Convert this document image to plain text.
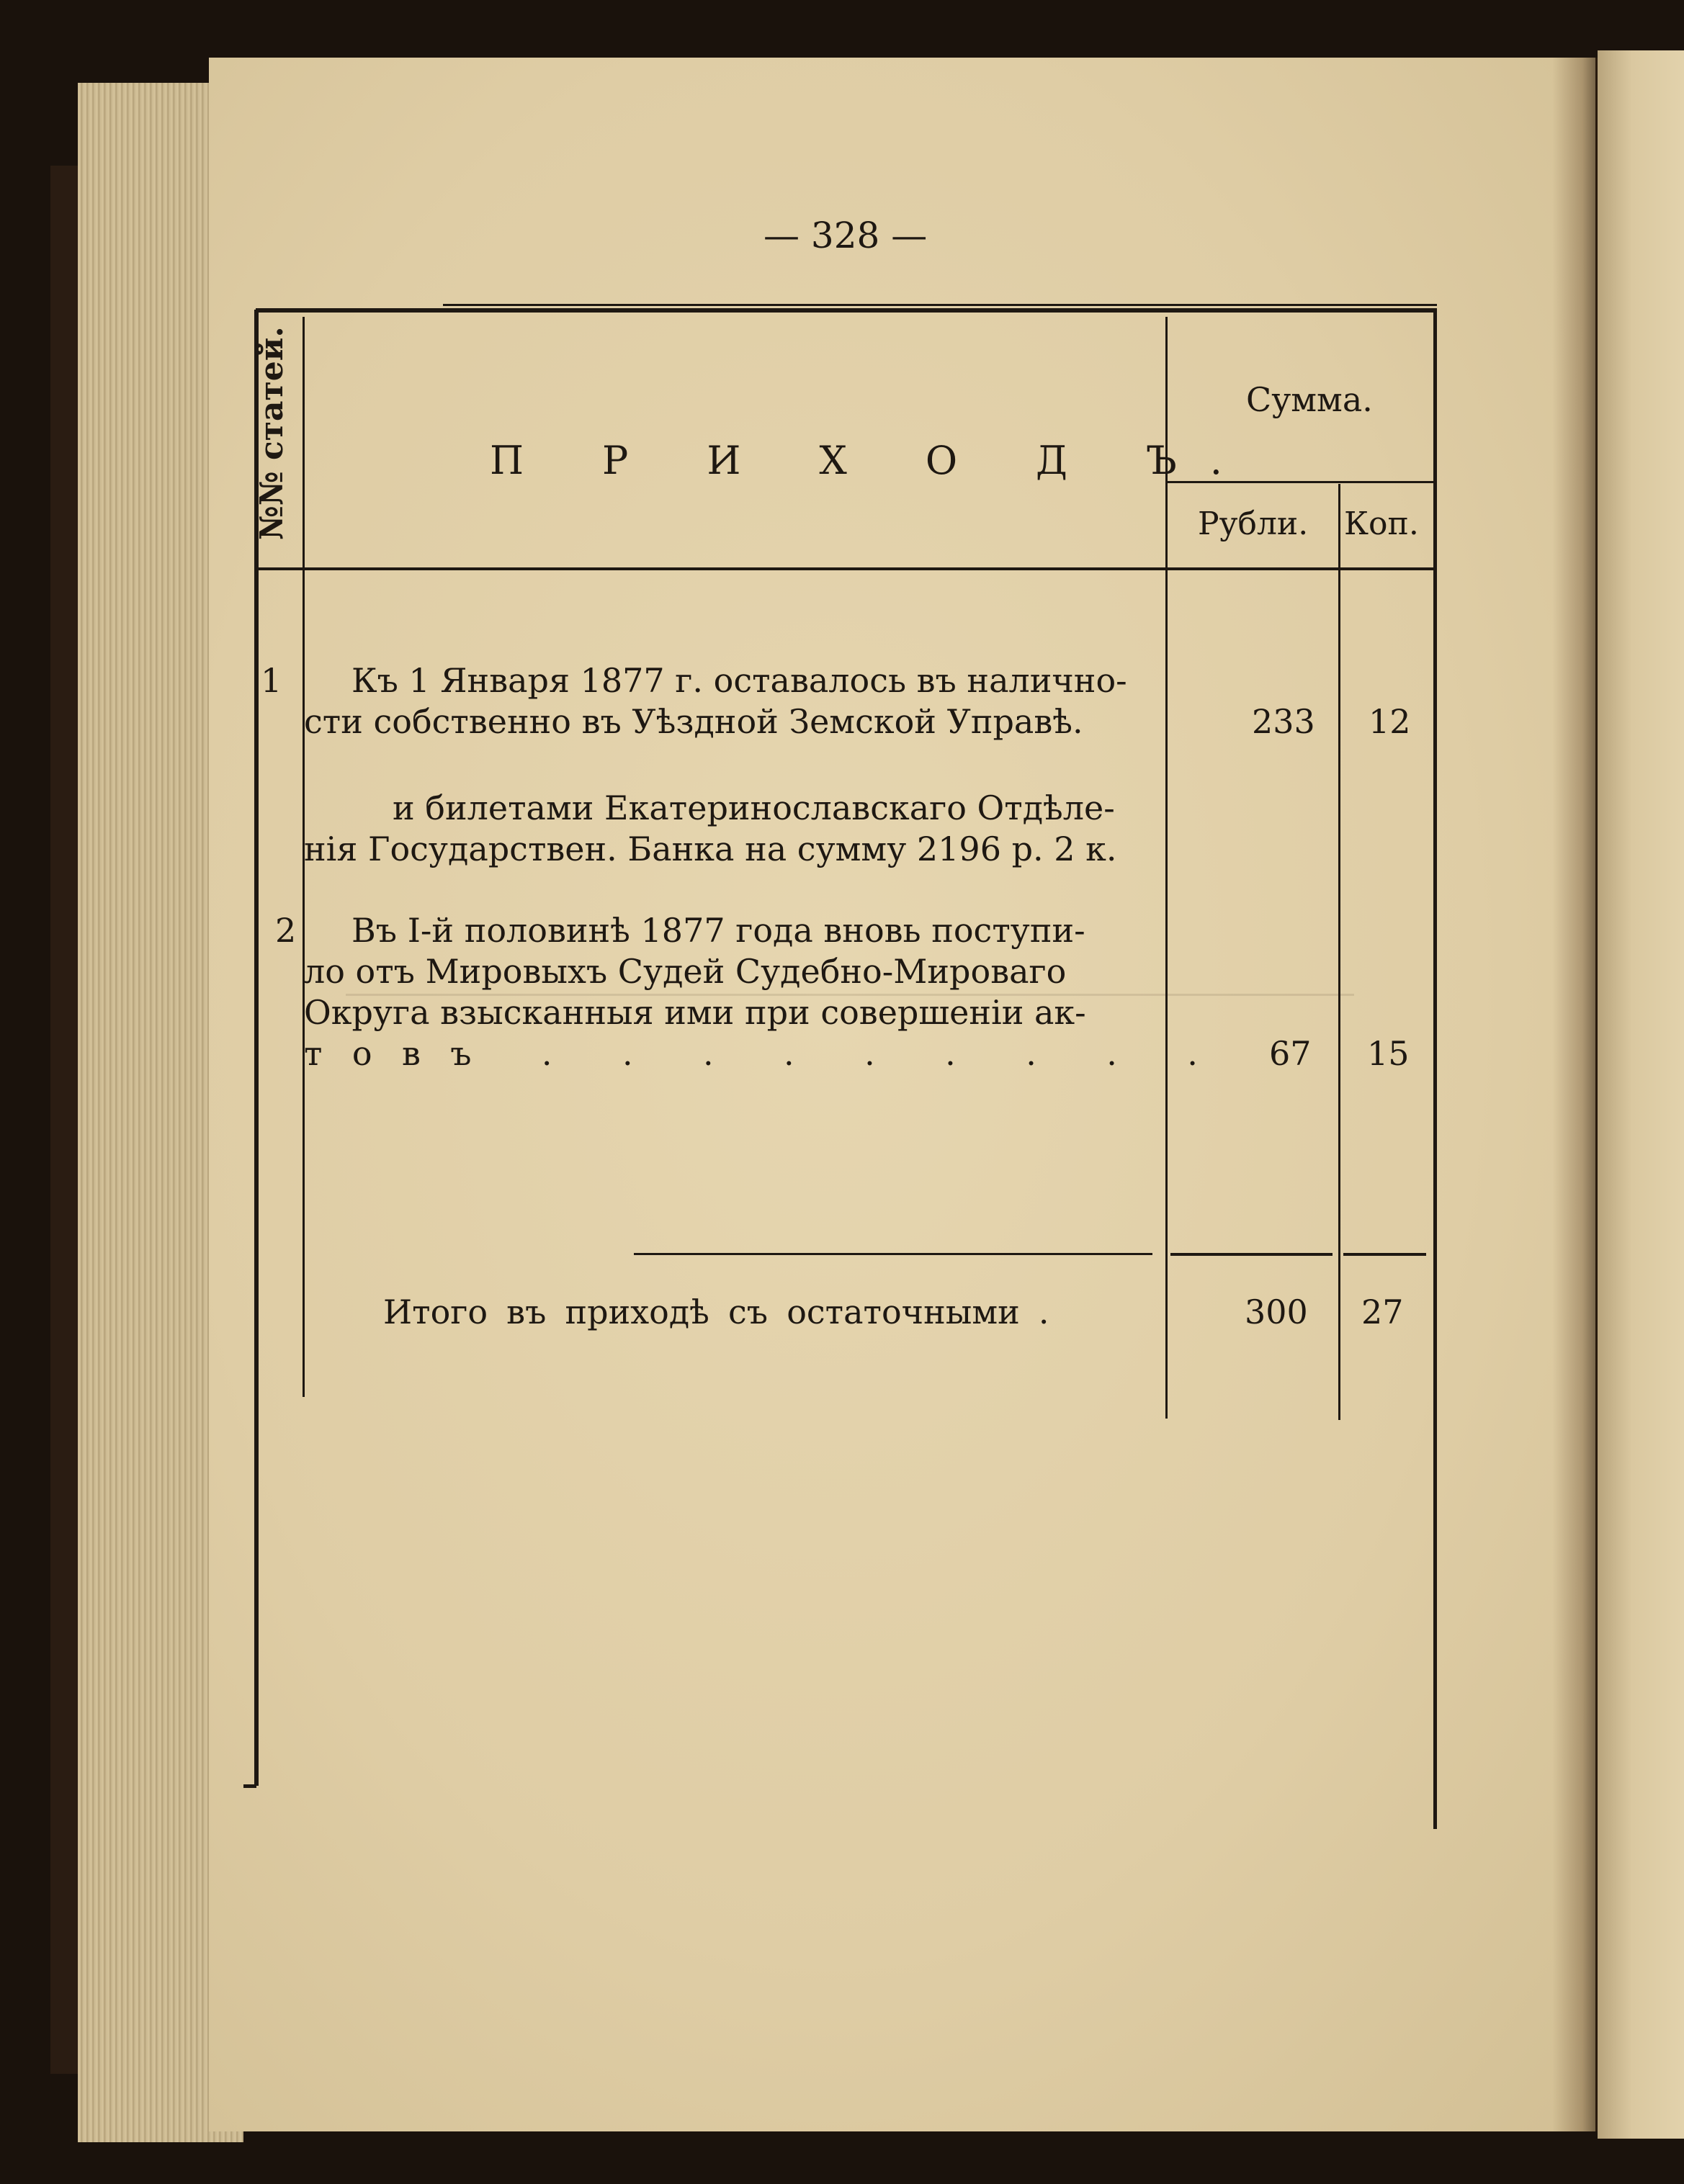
— 328 —
№№ статей.	П Р И Х О Д Ъ.
Сумма.
Рубли. Коп.
1 Къ 1 Января 1877 г. оставалось въ налично-
сти собственно въ Уѣздной Земской Управѣ.	233 12
и билетами Екатеринославскаго Отдѣле-
нія Государствен. Банка на сумму 2196 р. 2 к.
2 Въ І-й половинѣ 1877 года вновь поступи-
ло отъ Мировыхъ Судей Судебно-Мироваго
Округа взысканныя ими при совершеніи ак-
товъ . . . . . . . . . 67 15
Итого въ приходѣ съ остаточными .	300 27
